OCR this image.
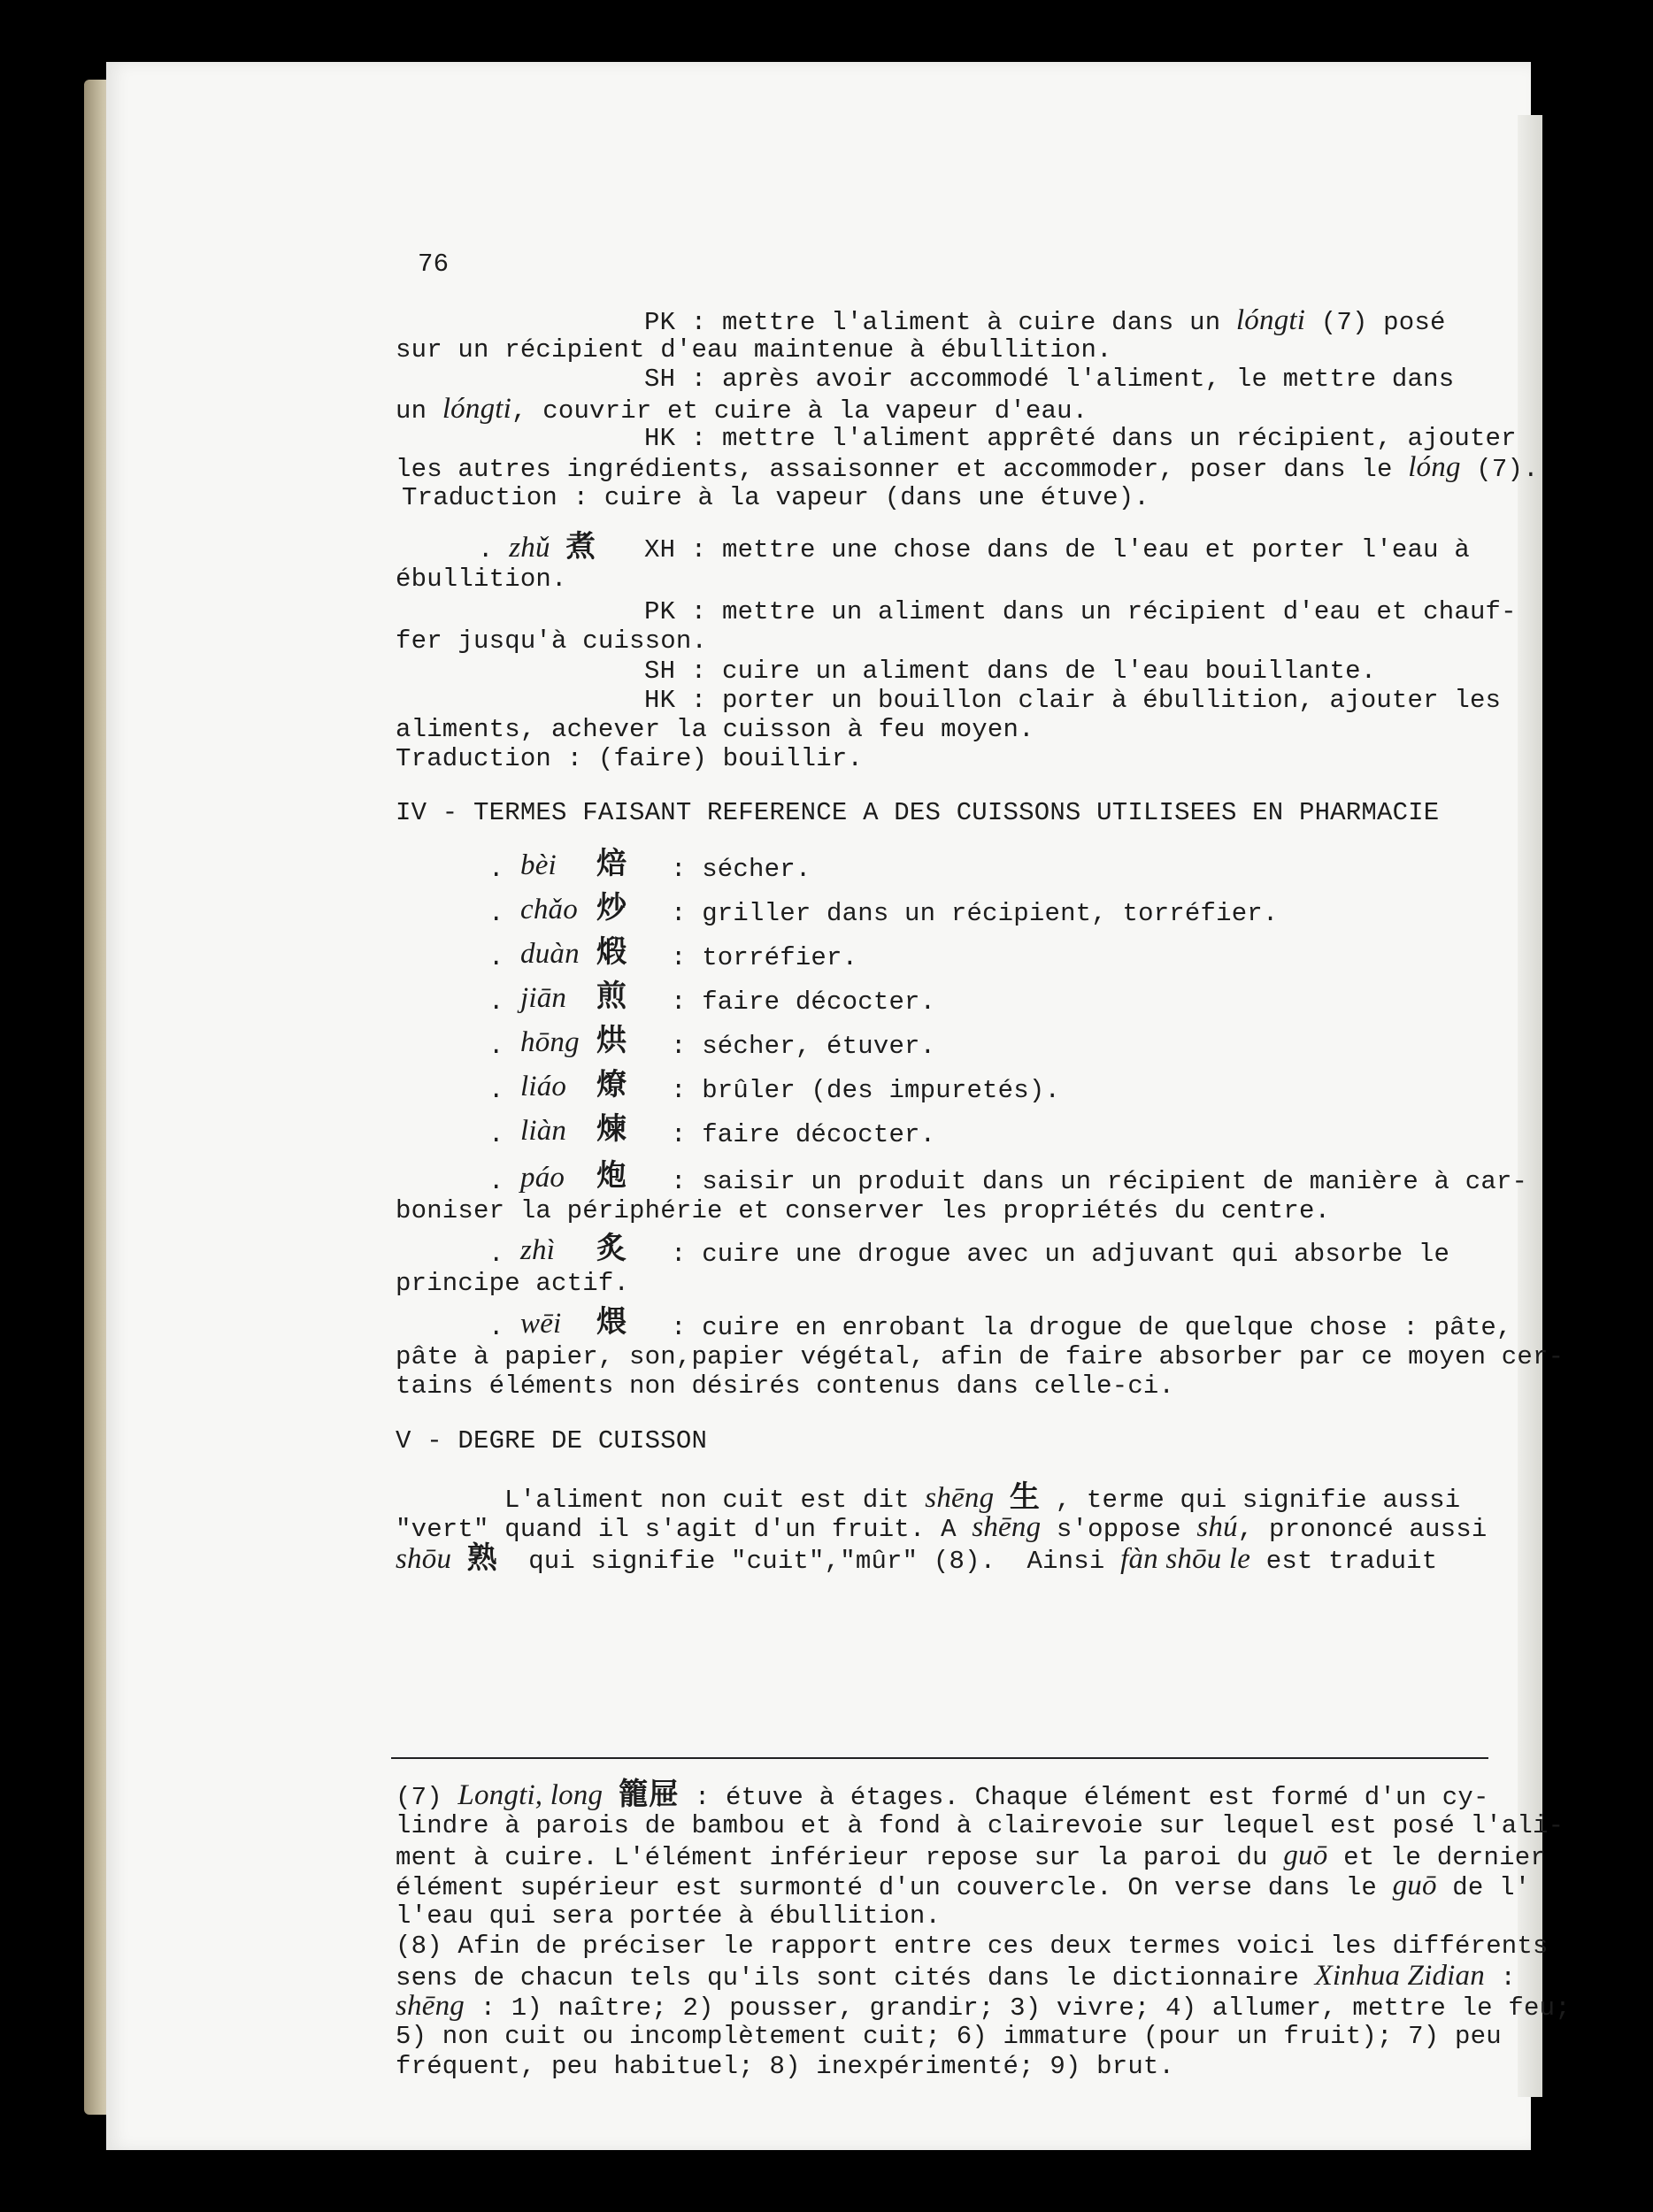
76
PK : mettre l'aliment à cuire dans un lóngti (7) posé
sur un récipient d'eau maintenue à ébullition.
SH : après avoir accommodé l'aliment, le mettre dans
un lóngti, couvrir et cuire à la vapeur d'eau.
HK : mettre l'aliment apprêté dans un récipient, ajouter
les autres ingrédients, assaisonner et accommoder, poser dans le lóng (7).
Traduction : cuire à la vapeur (dans une étuve).
. zhǔ 煮 XH : mettre une chose dans de l'eau et porter l'eau à
ébullition.
PK : mettre un aliment dans un récipient d'eau et chauf-
fer jusqu'à cuisson.
SH : cuire un aliment dans de l'eau bouillante.
HK : porter un bouillon clair à ébullition, ajouter les
aliments, achever la cuisson à feu moyen.
Traduction : (faire) bouillir.
IV - TERMES FAISANT REFERENCE A DES CUISSONS UTILISEES EN PHARMACIE
. bèi 焙 : sécher.
. chǎo 炒 : griller dans un récipient, torréfier.
. duàn 煅 : torréfier.
. jiān 煎 : faire décocter.
. hōng 烘 : sécher, étuver.
. liáo 燎 : brûler (des impuretés).
. liàn 煉 : faire décocter.
. páo 炮 : saisir un produit dans un récipient de manière à car-
boniser la périphérie et conserver les propriétés du centre.
. zhì 炙 : cuire une drogue avec un adjuvant qui absorbe le
principe actif.
. wēi 煨 : cuire en enrobant la drogue de quelque chose : pâte,
pâte à papier, son,papier végétal, afin de faire absorber par ce moyen cer-
tains éléments non désirés contenus dans celle-ci.
V - DEGRE DE CUISSON
L'aliment non cuit est dit shēng 生 , terme qui signifie aussi
"vert" quand il s'agit d'un fruit. A shēng s'oppose shú, prononcé aussi
shōu 熟 qui signifie "cuit","mûr" (8).  Ainsi fàn shōu le est traduit
(7) Longti, long 籠屉 : étuve à étages. Chaque élément est formé d'un cy-
lindre à parois de bambou et à fond à clairevoie sur lequel est posé l'ali-
ment à cuire. L'élément inférieur repose sur la paroi du guō et le dernier
élément supérieur est surmonté d'un couvercle. On verse dans le guō de l'
l'eau qui sera portée à ébullition.
(8) Afin de préciser le rapport entre ces deux termes voici les différents
sens de chacun tels qu'ils sont cités dans le dictionnaire Xinhua Zidian :
shēng : 1) naître; 2) pousser, grandir; 3) vivre; 4) allumer, mettre le feu;
5) non cuit ou incomplètement cuit; 6) immature (pour un fruit); 7) peu
fréquent, peu habituel; 8) inexpérimenté; 9) brut.
